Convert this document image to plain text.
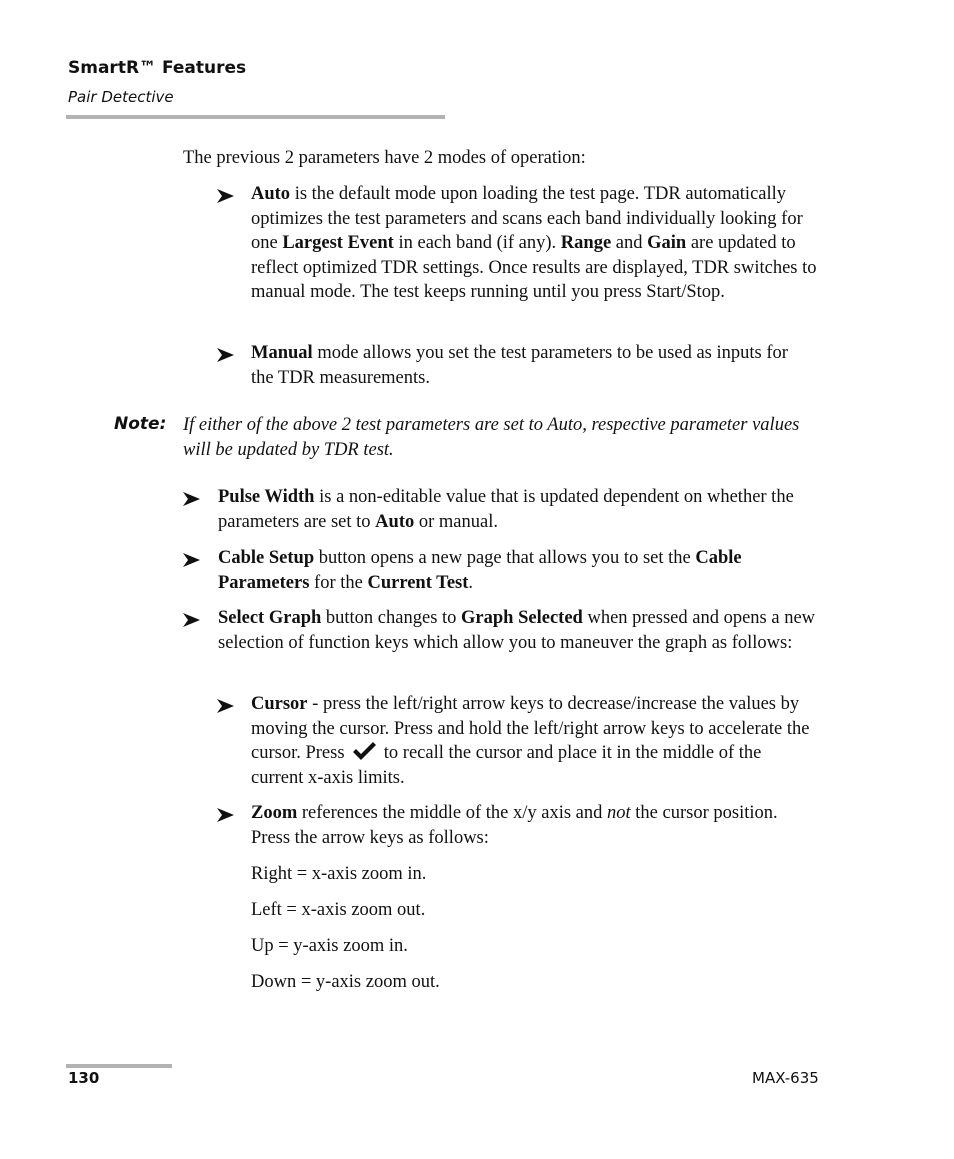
SmartR™ Features
Pair Detective
The previous 2 parameters have 2 modes of operation:
Auto is the default mode upon loading the test page. TDR automatically optimizes the test parameters and scans each band individually looking for one Largest Event in each band (if any). Range and Gain are updated to reflect optimized TDR settings. Once results are displayed, TDR switches to manual mode. The test keeps running until you press Start/Stop.
Manual mode allows you set the test parameters to be used as inputs for the TDR measurements.
Note: If either of the above 2 test parameters are set to Auto, respective parameter values will be updated by TDR test.
Pulse Width is a non-editable value that is updated dependent on whether the parameters are set to Auto or manual.
Cable Setup button opens a new page that allows you to set the Cable Parameters for the Current Test.
Select Graph button changes to Graph Selected when pressed and opens a new selection of function keys which allow you to maneuver the graph as follows:
Cursor - press the left/right arrow keys to decrease/increase the values by moving the cursor. Press and hold the left/right arrow keys to accelerate the cursor. Press  to recall the cursor and place it in the middle of the current x-axis limits.
Zoom references the middle of the x/y axis and not the cursor position. Press the arrow keys as follows:
Right = x-axis zoom in.
Left = x-axis zoom out.
Up = y-axis zoom in.
Down = y-axis zoom out.
130	MAX-635
